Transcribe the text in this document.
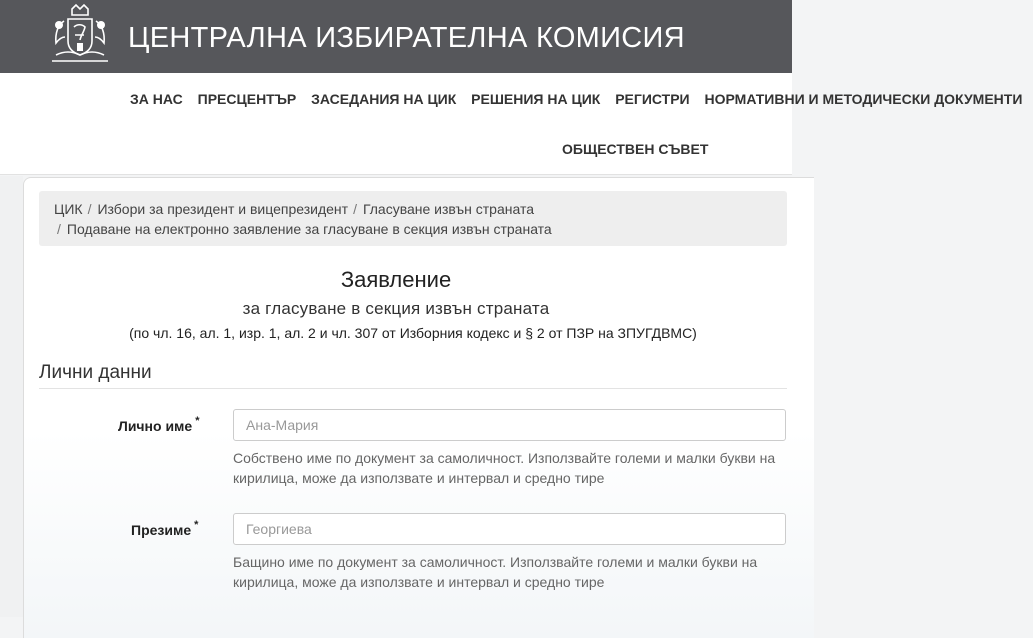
ЦЕНТРАЛНА ИЗБИРАТЕЛНА КОМИСИЯ
ЗА НАС ПРЕСЦЕНТЪР ЗАСЕДАНИЯ НА ЦИК РЕШЕНИЯ НА ЦИК РЕГИСТРИ НОРМАТИВНИ И МЕТОДИЧЕСКИ ДОКУМЕНТИ
ОБЩЕСТВЕН СЪВЕТ
ЦИК / Избори за президент и вицепрезидент / Гласуване извън страната
/ Подаване на електронно заявление за гласуване в секция извън страната
Заявление
за гласуване в секция извън страната
(по чл. 16, ал. 1, изр. 1, ал. 2 и чл. 307 от Изборния кодекс и § 2 от ПЗР на ЗПУГДВМС)
Лични данни
Лично име *
Ана-Мария
Собствено име по документ за самоличност. Използвайте големи и малки букви на кирилица, може да използвате и интервал и средно тире
Презиме *
Георгиева
Бащино име по документ за самоличност. Използвайте големи и малки букви на кирилица, може да използвате и интервал и средно тире
